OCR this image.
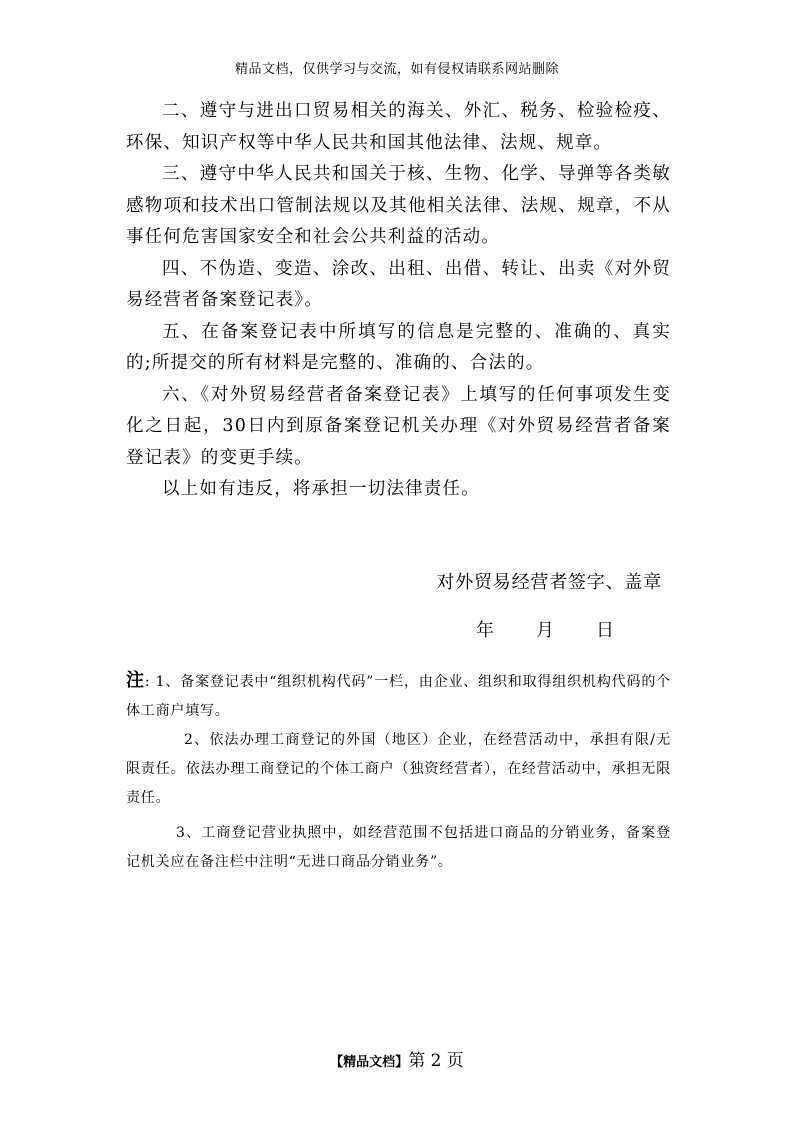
精品文档，仅供学习与交流，如有侵权请联系网站删除

二、遵守与进出口贸易相关的海关、外汇、税务、检验检疫、环保、知识产权等中华人民共和国其他法律、法规、规章。

三、遵守中华人民共和国关于核、生物、化学、导弹等各类敏感物项和技术出口管制法规以及其他相关法律、法规、规章，不从事任何危害国家安全和社会公共利益的活动。

四、不伪造、变造、涂改、出租、出借、转让、出卖《对外贸易经营者备案登记表》。

五、在备案登记表中所填写的信息是完整的、准确的、真实的;所提交的所有材料是完整的、准确的、合法的。

六、《对外贸易经营者备案登记表》上填写的任何事项发生变化之日起，30日内到原备案登记机关办理《对外贸易经营者备案登记表》的变更手续。

以上如有违反，将承担一切法律责任。

对外贸易经营者签字、盖章
年 月 日

注: 1、备案登记表中“组织机构代码”一栏，由企业、组织和取得组织机构代码的个体工商户填写。

2、依法办理工商登记的外国（地区）企业，在经营活动中，承担有限/无限责任。依法办理工商登记的个体工商户（独资经营者），在经营活动中，承担无限责任。

3、工商登记营业执照中，如经营范围不包括进口商品的分销业务，备案登记机关应在备注栏中注明“无进口商品分销业务”。

【精品文档】第 2 页
